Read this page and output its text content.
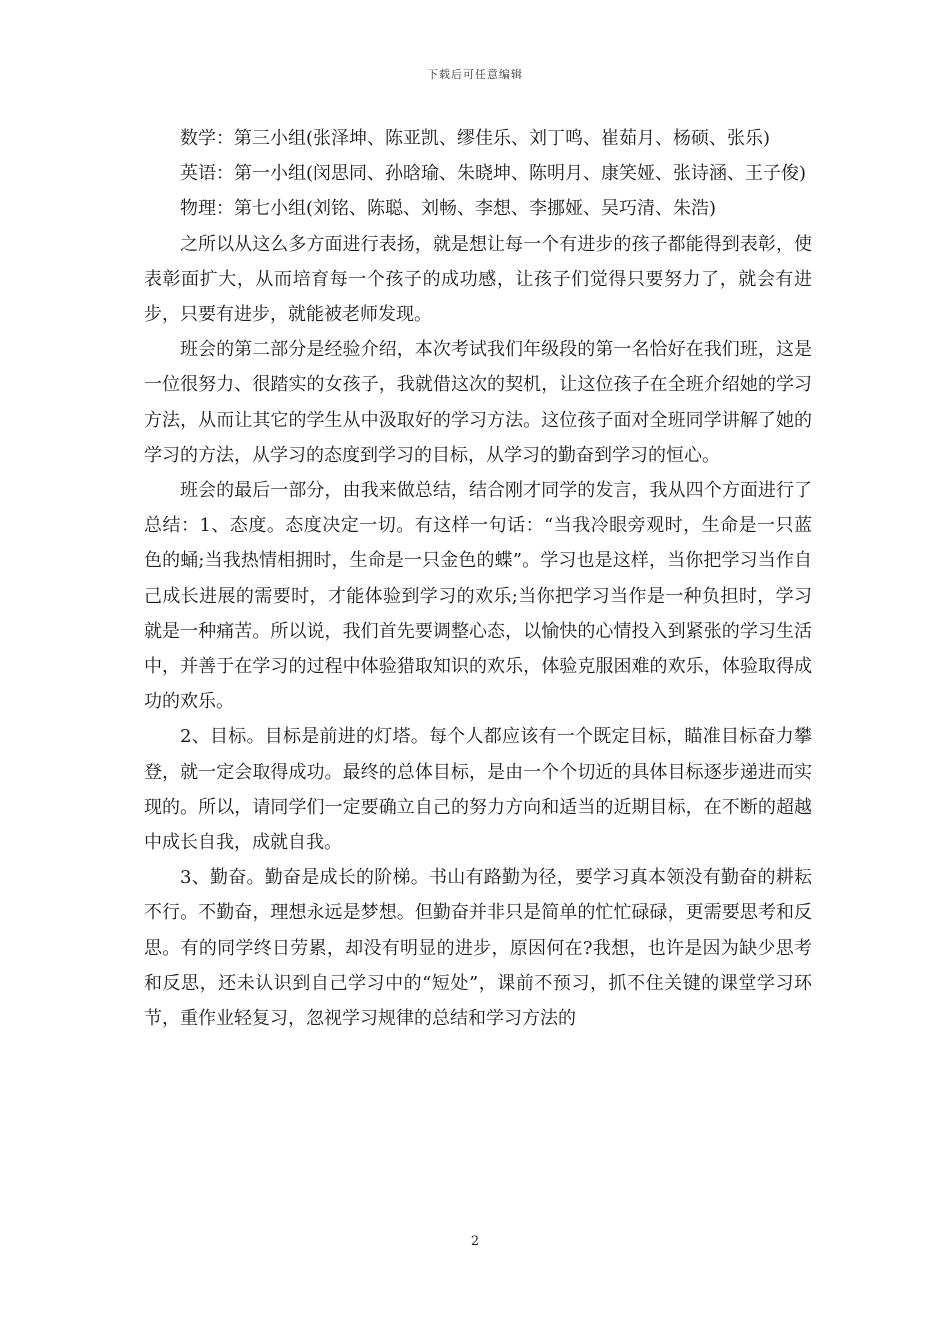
下载后可任意编辑

数学：第三小组(张泽坤、陈亚凯、缪佳乐、刘丁鸣、崔茹月、杨硕、张乐)

英语：第一小组(闵思同、孙晗瑜、朱晓坤、陈明月、康笑娅、张诗涵、王子俊)

物理：第七小组(刘铭、陈聪、刘畅、李想、李挪娅、吴巧清、朱浩)

之所以从这么多方面进行表扬，就是想让每一个有进步的孩子都能得到表彰，使表彰面扩大，从而培育每一个孩子的成功感，让孩子们觉得只要努力了，就会有进步，只要有进步，就能被老师发现。

班会的第二部分是经验介绍，本次考试我们年级段的第一名恰好在我们班，这是一位很努力、很踏实的女孩子，我就借这次的契机，让这位孩子在全班介绍她的学习方法，从而让其它的学生从中汲取好的学习方法。这位孩子面对全班同学讲解了她的学习的方法，从学习的态度到学习的目标，从学习的勤奋到学习的恒心。

班会的最后一部分，由我来做总结，结合刚才同学的发言，我从四个方面进行了总结：1、态度。态度决定一切。有这样一句话：“当我冷眼旁观时，生命是一只蓝色的蛹;当我热情相拥时，生命是一只金色的蝶”。学习也是这样，当你把学习当作自己成长进展的需要时，才能体验到学习的欢乐;当你把学习当作是一种负担时，学习就是一种痛苦。所以说，我们首先要调整心态，以愉快的心情投入到紧张的学习生活中，并善于在学习的过程中体验猎取知识的欢乐，体验克服困难的欢乐，体验取得成功的欢乐。

2、目标。目标是前进的灯塔。每个人都应该有一个既定目标，瞄准目标奋力攀登，就一定会取得成功。最终的总体目标，是由一个个切近的具体目标逐步递进而实现的。所以，请同学们一定要确立自己的努力方向和适当的近期目标，在不断的超越中成长自我，成就自我。

3、勤奋。勤奋是成长的阶梯。书山有路勤为径，要学习真本领没有勤奋的耕耘不行。不勤奋，理想永远是梦想。但勤奋并非只是简单的忙忙碌碌，更需要思考和反思。有的同学终日劳累，却没有明显的进步，原因何在?我想，也许是因为缺少思考和反思，还未认识到自己学习中的“短处”，课前不预习，抓不住关键的课堂学习环节，重作业轻复习，忽视学习规律的总结和学习方法的

2
